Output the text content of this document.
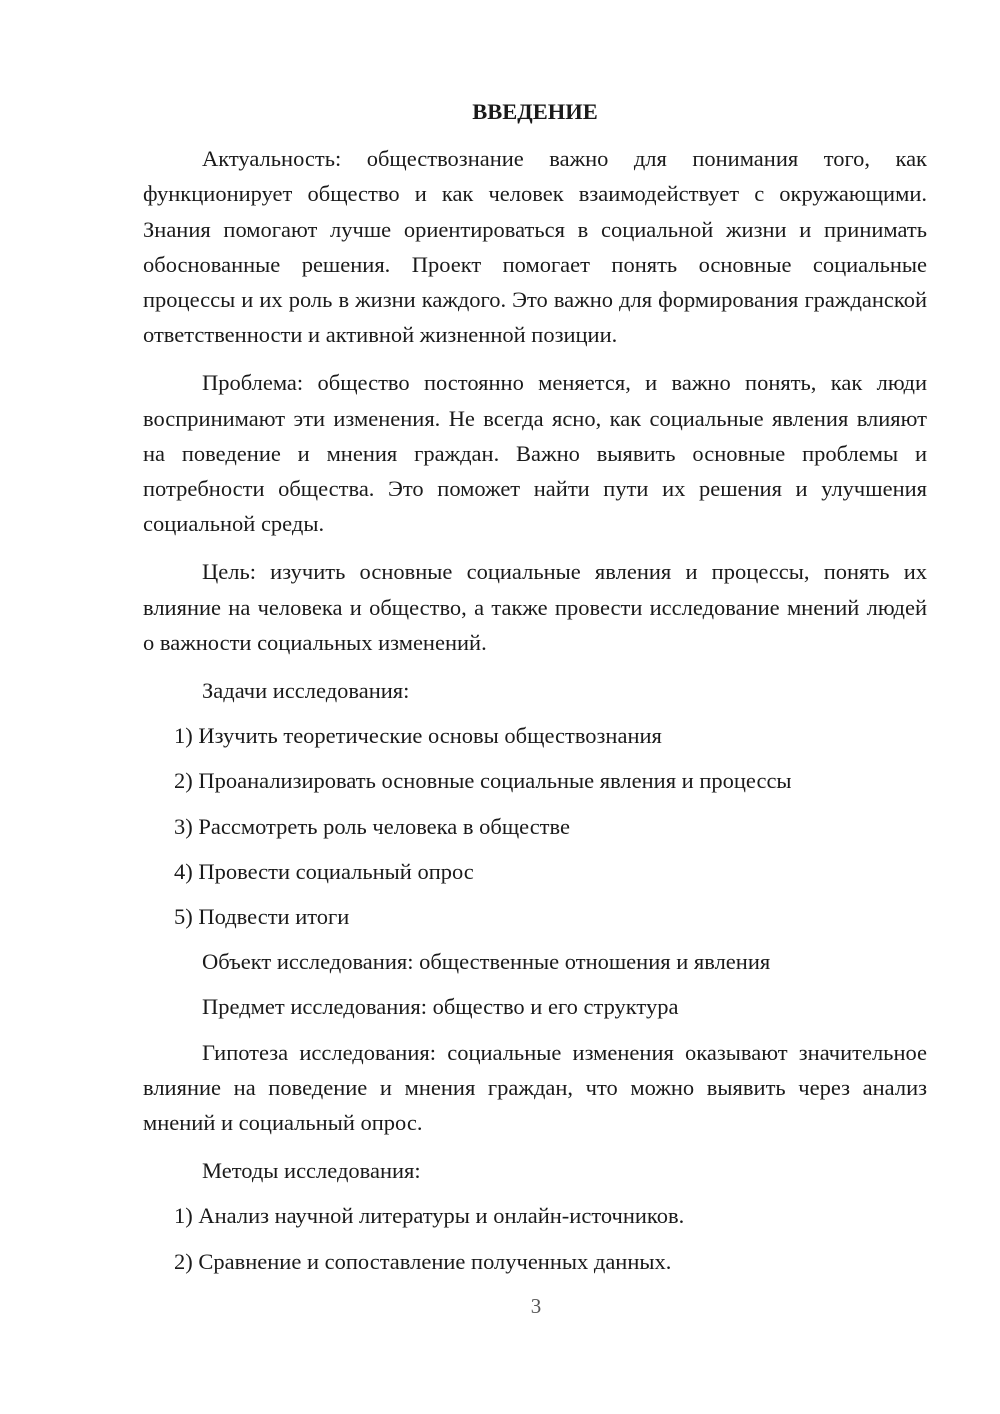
ВВЕДЕНИЕ

Актуальность: обществознание важно для понимания того, как функционирует общество и как человек взаимодействует с окружающими. Знания помогают лучше ориентироваться в социальной жизни и принимать обоснованные решения. Проект помогает понять основные социальные процессы и их роль в жизни каждого. Это важно для формирования гражданской ответственности и активной жизненной позиции.

Проблема: общество постоянно меняется, и важно понять, как люди воспринимают эти изменения. Не всегда ясно, как социальные явления влияют на поведение и мнения граждан. Важно выявить основные проблемы и потребности общества. Это поможет найти пути их решения и улучшения социальной среды.

Цель: изучить основные социальные явления и процессы, понять их влияние на человека и общество, а также провести исследование мнений людей о важности социальных изменений.

Задачи исследования:
1) Изучить теоретические основы обществознания
2) Проанализировать основные социальные явления и процессы
3) Рассмотреть роль человека в обществе
4) Провести социальный опрос
5) Подвести итоги
Объект исследования: общественные отношения и явления
Предмет исследования: общество и его структура

Гипотеза исследования: социальные изменения оказывают значительное влияние на поведение и мнения граждан, что можно выявить через анализ мнений и социальный опрос.

Методы исследования:
1) Анализ научной литературы и онлайн-источников.
2) Сравнение и сопоставление полученных данных.
3
